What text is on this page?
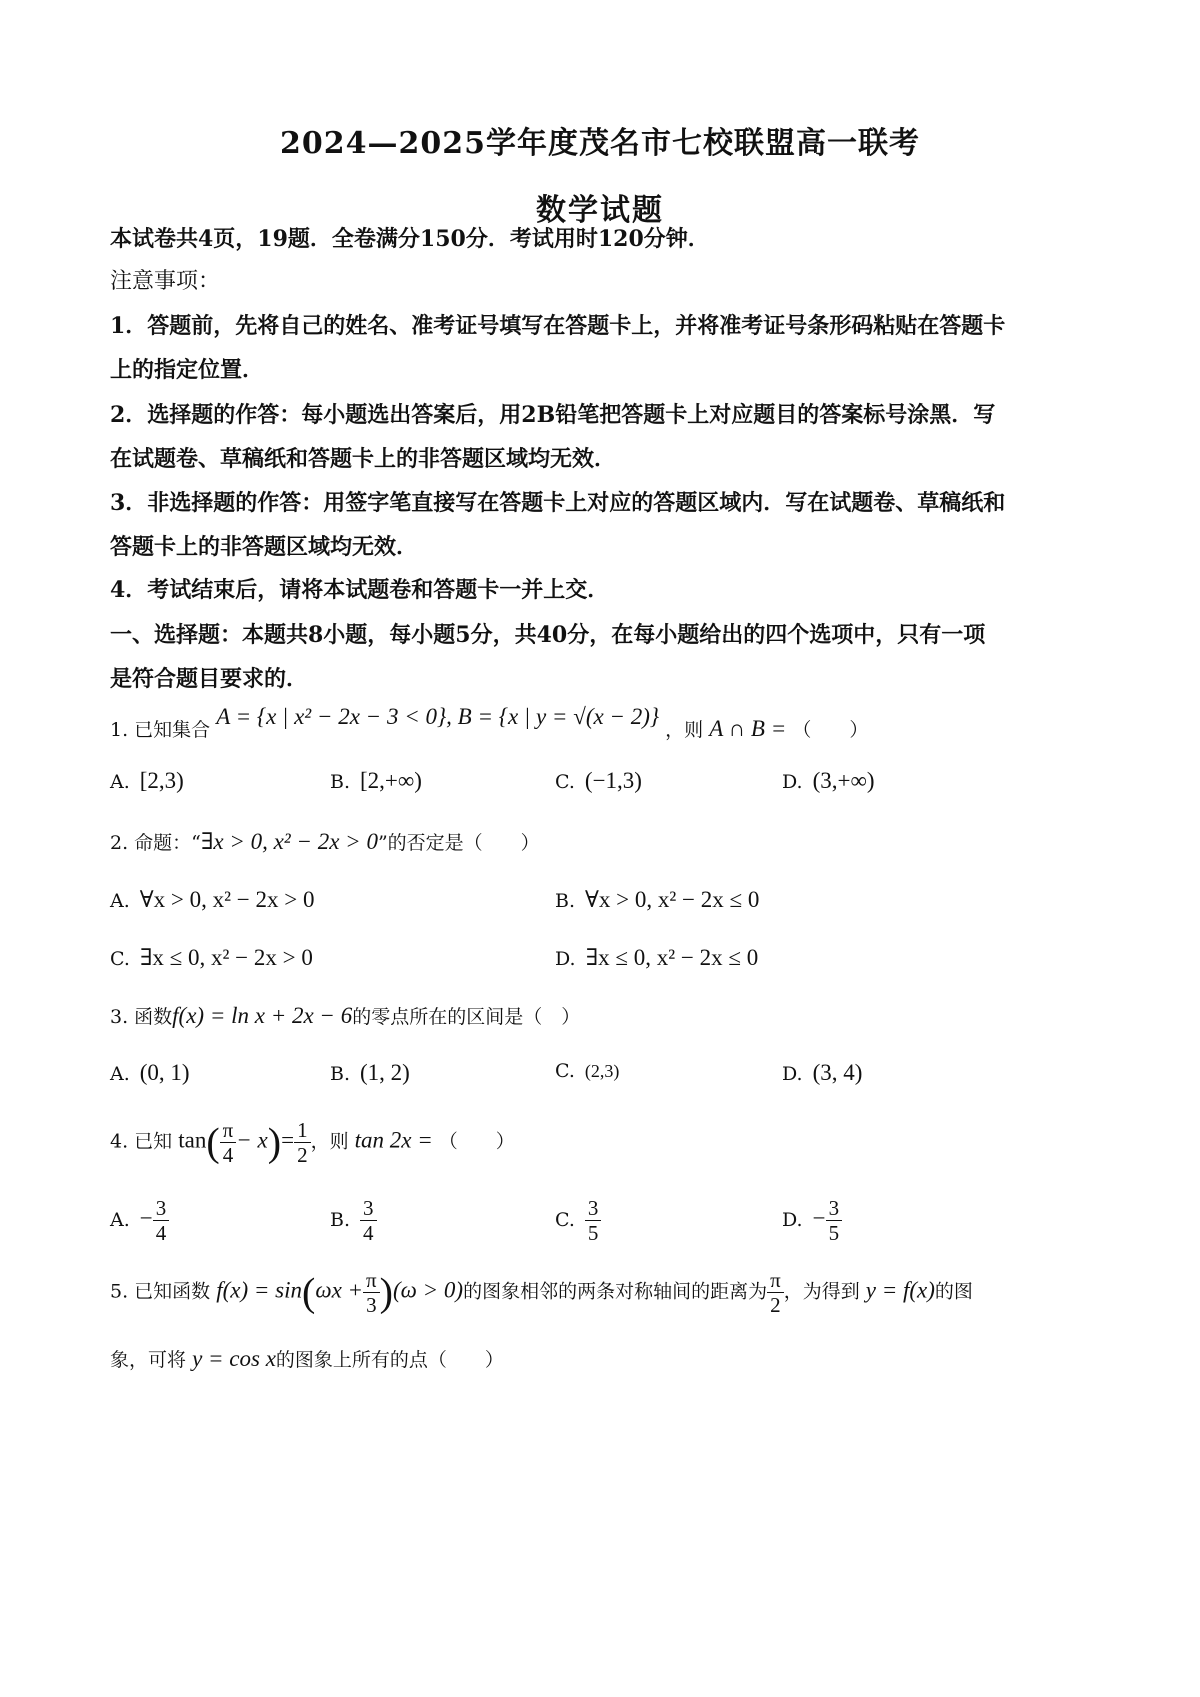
2024—2025学年度茂名市七校联盟高一联考
数学试题
本试卷共4页，19题．全卷满分150分．考试用时120分钟．
注意事项：
1．答题前，先将自己的姓名、准考证号填写在答题卡上，并将准考证号条形码粘贴在答题卡
上的指定位置．
2．选择题的作答：每小题选出答案后，用2B铅笔把答题卡上对应题目的答案标号涂黑．写
在试题卷、草稿纸和答题卡上的非答题区域均无效．
3．非选择题的作答：用签字笔直接写在答题卡上对应的答题区域内．写在试题卷、草稿纸和
答题卡上的非答题区域均无效．
4．考试结束后，请将本试题卷和答题卡一并上交．
一、选择题：本题共8小题，每小题5分，共40分，在每小题给出的四个选项中，只有一项
是符合题目要求的．
1. 已知集合 A = {x | x² − 2x − 3 < 0}, B = {x | y = √(x − 2)} ，则 A ∩ B = （　　）
A. [2,3)	B. [2,+∞)	C. (−1,3)	D. (3,+∞)
2. 命题：“∃x > 0, x² − 2x > 0”的否定是（　　）
A. ∀x > 0, x² − 2x > 0	B. ∀x > 0, x² − 2x ≤ 0
C. ∃x ≤ 0, x² − 2x > 0	D. ∃x ≤ 0, x² − 2x ≤ 0
3. 函数f(x) = ln x + 2x − 6的零点所在的区间是（　）
A. (0, 1)	B. (1, 2)	C. (2,3)	D. (3, 4)
4. 已知 $\tan( \frac{\pi}{4} - x)= \frac{1}{2}$ ，则 tan 2x = （　　）
A. − $\frac{3}{4}$	B. $\frac{3}{4}$	C. $\frac{3}{5}$	D. − $\frac{3}{5}$
5. 已知函数 $f(x) = \sin(\omega x + \frac{\pi}{3} )(\omega > 0)$的图象相邻的两条对称轴间的距离为 $\frac{\pi}{2}$ ，为得到 y = f(x)的图
象，可将 y = cos x的图象上所有的点（　　）
